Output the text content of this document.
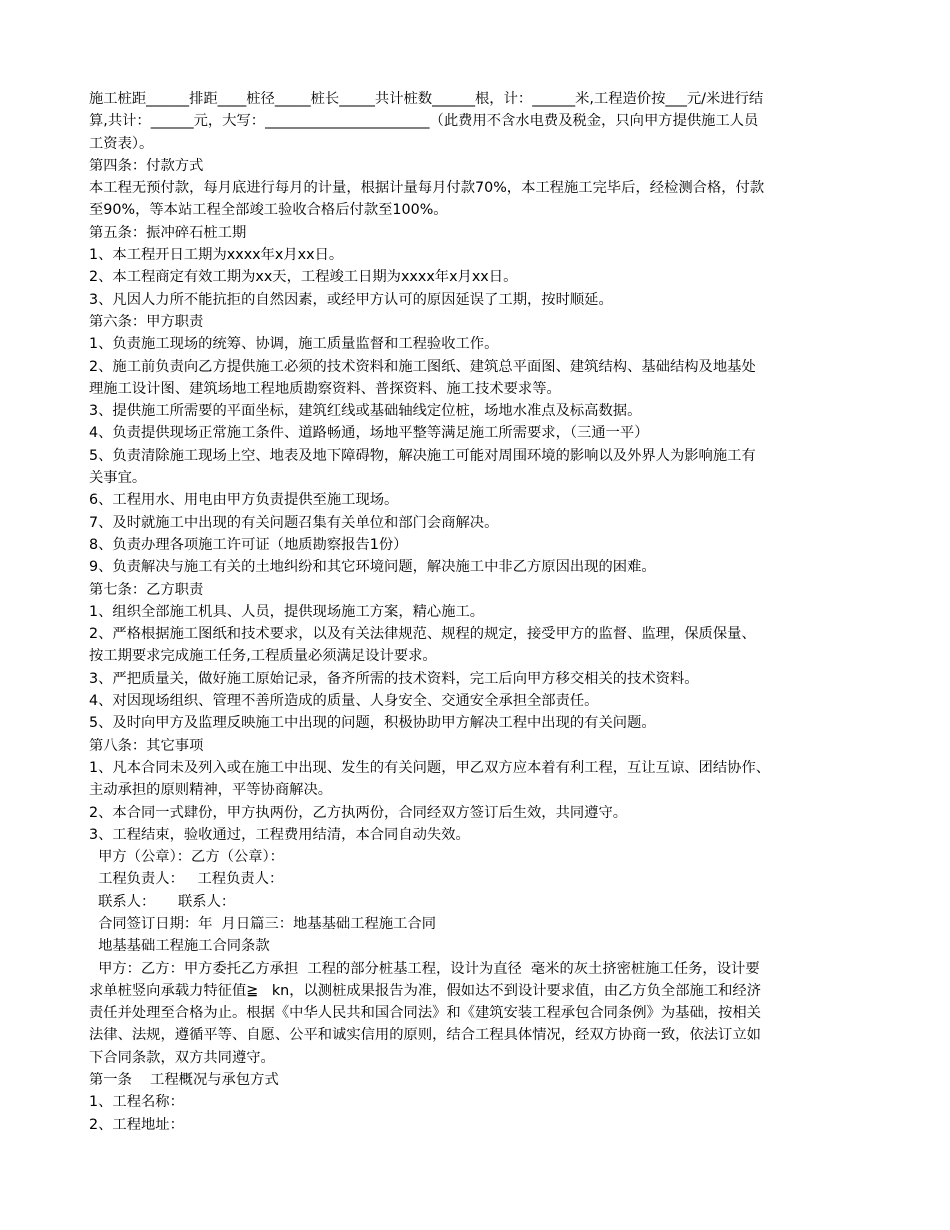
施工桩距______排距____桩径_____桩长_____共计桩数______根，计：______米,工程造价按___元/米进行结
算,共计：______元，大写：_______________________（此费用不含水电费及税金，只向甲方提供施工人员
工资表）。
第四条：付款方式
本工程无预付款，每月底进行每月的计量，根据计量每月付款70%，本工程施工完毕后，经检测合格，付款
至90%，等本站工程全部竣工验收合格后付款至100%。
第五条：振冲碎石桩工期
1、本工程开日工期为xxxx年x月xx日。
2、本工程商定有效工期为xx天，工程竣工日期为xxxx年x月xx日。
3、凡因人力所不能抗拒的自然因素，或经甲方认可的原因延误了工期，按时顺延。
第六条：甲方职责
1、负责施工现场的统筹、协调，施工质量监督和工程验收工作。
2、施工前负责向乙方提供施工必须的技术资料和施工图纸、建筑总平面图、建筑结构、基础结构及地基处
理施工设计图、建筑场地工程地质勘察资料、普探资料、施工技术要求等。
3、提供施工所需要的平面坐标，建筑红线或基础轴线定位桩，场地水准点及标高数据。
4、负责提供现场正常施工条件、道路畅通，场地平整等满足施工所需要求，（三通一平）
5、负责清除施工现场上空、地表及地下障碍物，解决施工可能对周围环境的影响以及外界人为影响施工有
关事宜。
6、工程用水、用电由甲方负责提供至施工现场。
7、及时就施工中出现的有关问题召集有关单位和部门会商解决。
8、负责办理各项施工许可证（地质勘察报告1份）
9、负责解决与施工有关的土地纠纷和其它环境问题，解决施工中非乙方原因出现的困难。
第七条：乙方职责
1、组织全部施工机具、人员，提供现场施工方案，精心施工。
2、严格根据施工图纸和技术要求，以及有关法律规范、规程的规定，接受甲方的监督、监理，保质保量、
按工期要求完成施工任务,工程质量必须满足设计要求。
3、严把质量关，做好施工原始记录，备齐所需的技术资料，完工后向甲方移交相关的技术资料。
4、对因现场组织、管理不善所造成的质量、人身安全、交通安全承担全部责任。
5、及时向甲方及监理反映施工中出现的问题，积极协助甲方解决工程中出现的有关问题。
第八条：其它事项
1、凡本合同未及列入或在施工中出现、发生的有关问题，甲乙双方应本着有利工程，互让互谅、团结协作、
主动承担的原则精神，平等协商解决。
2、本合同一式肆份，甲方执两份，乙方执两份，合同经双方签订后生效，共同遵守。
3、工程结束，验收通过，工程费用结清，本合同自动失效。
甲方（公章）：乙方（公章）：
工程负责人：   工程负责人：
联系人：     联系人：
合同签订日期：年  月日篇三：地基基础工程施工合同
地基基础工程施工合同条款
甲方：乙方：甲方委托乙方承担  工程的部分桩基工程，设计为直径  毫米的灰土挤密桩施工任务，设计要
求单桩竖向承载力特征值≧   kn，以测桩成果报告为准，假如达不到设计要求值，由乙方负全部施工和经济
责任并处理至合格为止。根据《中华人民共和国合同法》和《建筑安装工程承包合同条例》为基础，按相关
法律、法规，遵循平等、自愿、公平和诚实信用的原则，结合工程具体情况，经双方协商一致，依法订立如
下合同条款，双方共同遵守。
第一条    工程概况与承包方式
1、工程名称：
2、工程地址：
